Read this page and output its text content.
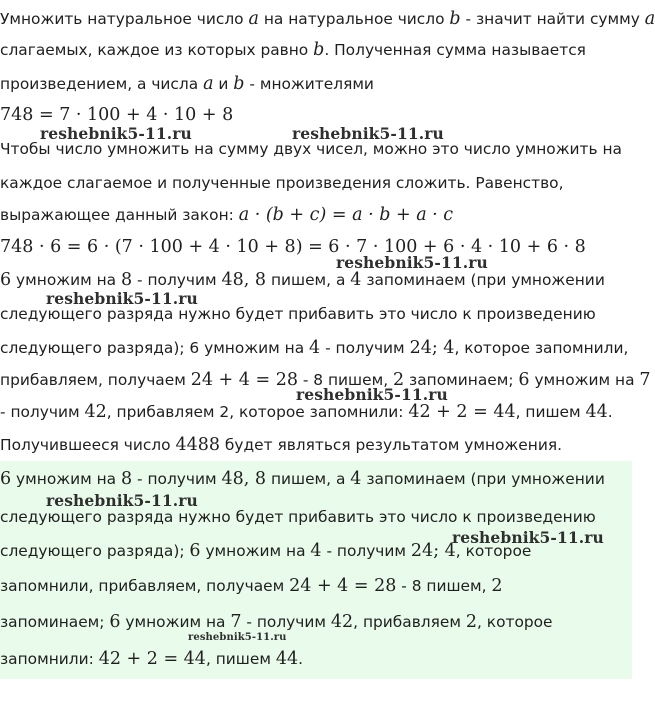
Умножить натуральное число a на натуральное число b - значит найти сумму a
слагаемых, каждое из которых равно b. Полученная сумма называется
произведением, а числа a и b - множителями
748 = 7 · 100 + 4 · 10 + 8
Чтобы число умножить на сумму двух чисел, можно это число умножить на
каждое слагаемое и полученные произведения сложить. Равенство,
выражающее данный закон: a · (b + c) = a · b + a · c
748 · 6 = 6 · (7 · 100 + 4 · 10 + 8) = 6 · 7 · 100 + 6 · 4 · 10 + 6 · 8
6 умножим на 8 - получим 48, 8 пишем, а 4 запоминаем (при умножении
следующего разряда нужно будет прибавить это число к произведению
следующего разряда); 6 умножим на 4 - получим 24; 4, которое запомнили,
прибавляем, получаем 24 + 4 = 28 - 8 пишем, 2 запоминаем; 6 умножим на 7
- получим 42, прибавляем 2, которое запомнили: 42 + 2 = 44, пишем 44.
Получившееся число 4488 будет являться результатом умножения.
6 умножим на 8 - получим 48, 8 пишем, а 4 запоминаем (при умножении
следующего разряда нужно будет прибавить это число к произведению
следующего разряда); 6 умножим на 4 - получим 24; 4, которое
запомнили, прибавляем, получаем 24 + 4 = 28 - 8 пишем, 2
запоминаем; 6 умножим на 7 - получим 42, прибавляем 2, которое
запомнили: 42 + 2 = 44, пишем 44.
reshebnik5-11.ru	reshebnik5-11.ru
reshebnik5-11.ru
reshebnik5-11.ru
reshebnik5-11.ru
reshebnik5-11.ru
reshebnik5-11.ru
reshebnik5-11.ru
